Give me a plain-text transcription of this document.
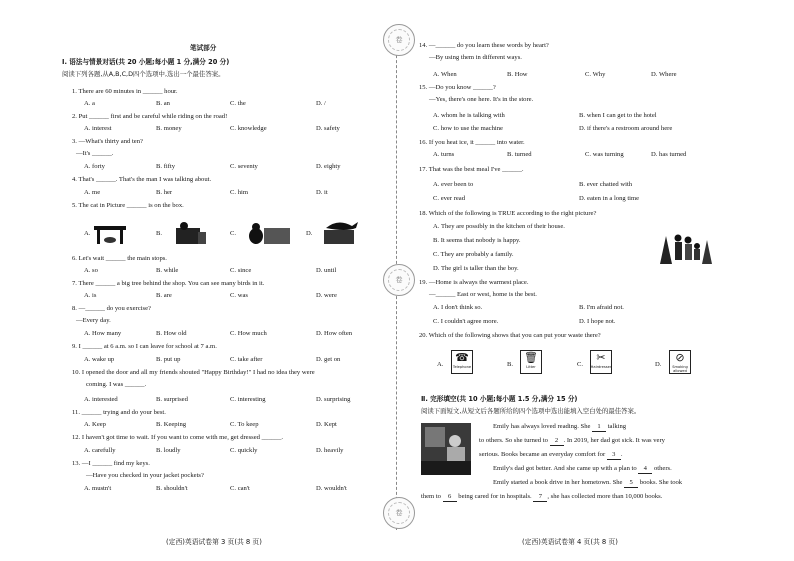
笔试部分
Ⅰ. 语法与情景对话(共 20 小题;每小题 1 分,满分 20 分)
阅读下列各题,从A,B,C,D四个选项中,选出一个最佳答案。
1. There are 60 minutes in ______ hour.
A. a	B. an	C. the	D. /
2. Put ______ first and be careful while riding on the road!
A. interest	B. money	C. knowledge	D. safety
3. —What's thirty and ten?
—It's ______.
A. forty	B. fifty	C. seventy	D. eighty
4. That's ______. That's the man I was talking about.
A. me	B. her	C. him	D. it
5. The cat in Picture ______ is on the box.
A.	B.	C.	D.
6. Let's wait ______ the main stops.
A. so	B. while	C. since	D. until
7. There ______ a big tree behind the shop. You can see many birds in it.
A. is	B. are	C. was	D. were
8. —______ do you exercise?
—Every day.
A. How many	B. How old	C. How much	D. How often
9. I ______ at 6 a.m. so I can leave for school at 7 a.m.
A. wake up	B. put up	C. take after	D. get on
10. I opened the door and all my friends shouted "Happy Birthday!" I had no idea they were
coming. I was ______.
A. interested	B. surprised	C. interesting	D. surprising
11. ______ trying and do your best.
A. Keep	B. Keeping	C. To keep	D. Kept
12. I haven't got time to wait. If you want to come with me, get dressed ______.
A. carefully	B. loudly	C. quickly	D. heavily
13. —I ______ find my keys.
—Have you checked in your jacket pockets?
A. mustn't	B. shouldn't	C. can't	D. wouldn't
(定西)英语试卷第 3 页(共 8 页)
14. —______ do you learn these words by heart?
—By using them in different ways.
A. When	B. How	C. Why	D. Where
15. —Do you know ______?
—Yes, there's one here. It's in the store.
A. whom he is talking with	B. when I can get to the hotel
C. how to use the machine	D. if there's a restroom around here
16. If you heat ice, it ______ into water.
A. turns	B. turned	C. was turning	D. has turned
17. That was the best meal I've ______.
A. ever been to	B. ever chatted with
C. ever read	D. eaten in a long time
18. Which of the following is TRUE according to the right picture?
A. They are possibly in the kitchen of their house.
B. It seems that nobody is happy.
C. They are probably a family.
D. The girl is taller than the boy.
19. —Home is always the warmest place.
—______ East or west, home is the best.
A. I don't think so.	B. I'm afraid not.
C. I couldn't agree more.	D. I hope not.
20. Which of the following shows that you can put your waste there?
A.	B.	C.	D.
☎
Telephone
🗑
Litter
✂
Hairdresser
⊘
Smoking allowed
Ⅱ. 完形填空(共 10 小题;每小题 1.5 分,满分 15 分)
阅读下面短文,从短文后各题所给的四个选项中选出能填入空白处的最佳答案。
Emily has always loved reading. She 1 talking
to others. So she turned to 2 . In 2019, her dad got sick. It was very
serious. Books became an everyday comfort for 3 .
Emily's dad got better. And she came up with a plan to 4 others.
Emily started a book drive in her hometown. She 5 books. She took
them to 6 being cared for in hospitals. 7 , she has collected more than 10,000 books.
(定西)英语试卷第 4 页(共 8 页)
卷
卷
卷
